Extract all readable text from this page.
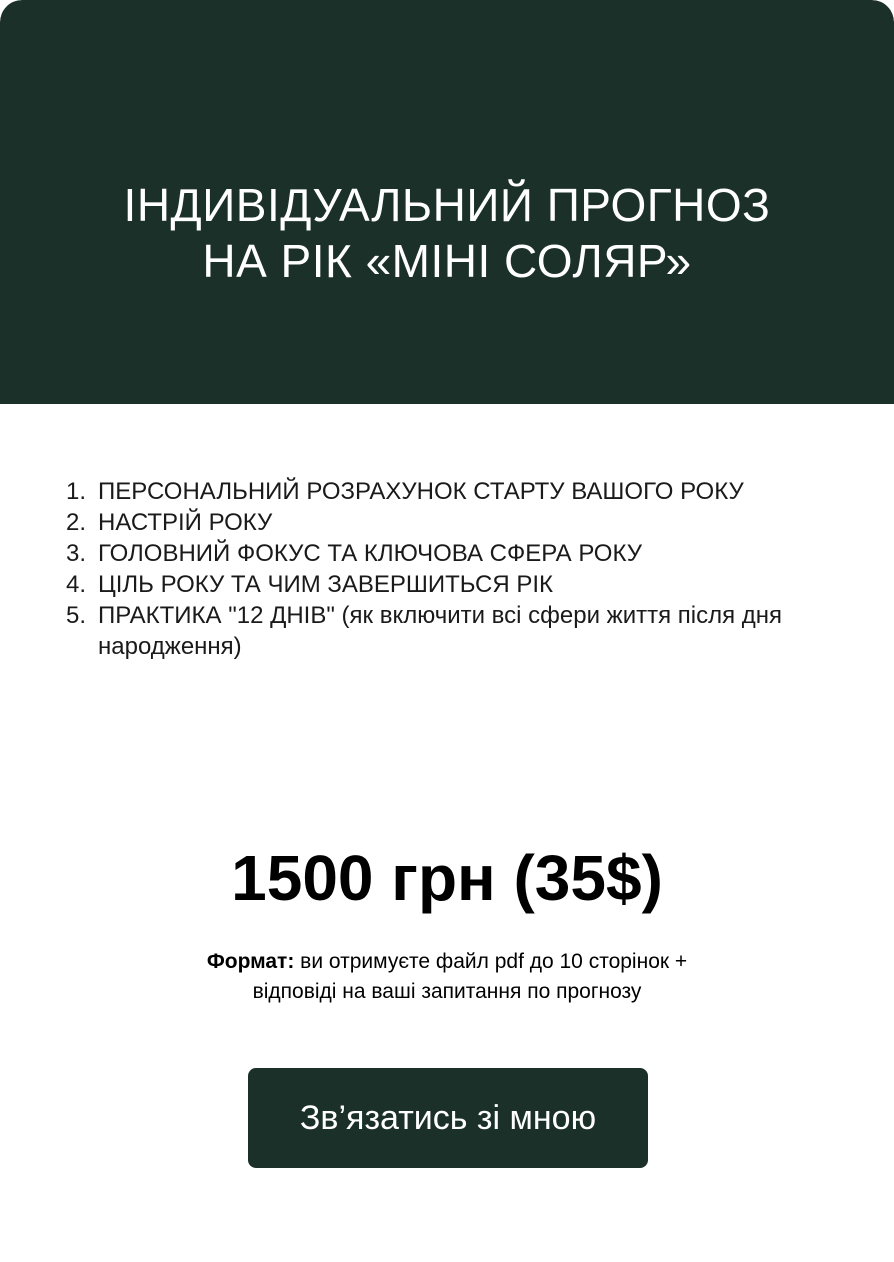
ІНДИВІДУАЛЬНИЙ ПРОГНОЗ
НА РІК «МІНІ СОЛЯР»
1. ПЕРСОНАЛЬНИЙ РОЗРАХУНОК СТАРТУ ВАШОГО РОКУ
2. НАСТРІЙ РОКУ
3. ГОЛОВНИЙ ФОКУС ТА КЛЮЧОВА СФЕРА РОКУ
4. ЦІЛЬ РОКУ ТА ЧИМ ЗАВЕРШИТЬСЯ РІК
5. ПРАКТИКА "12 ДНІВ" (як включити всі сфери життя після дня народження)
1500 грн (35$)

Формат: ви отримуєте файл pdf до 10 сторінок + відповіді на ваші запитання по прогнозу

Зв’язатись зі мною
